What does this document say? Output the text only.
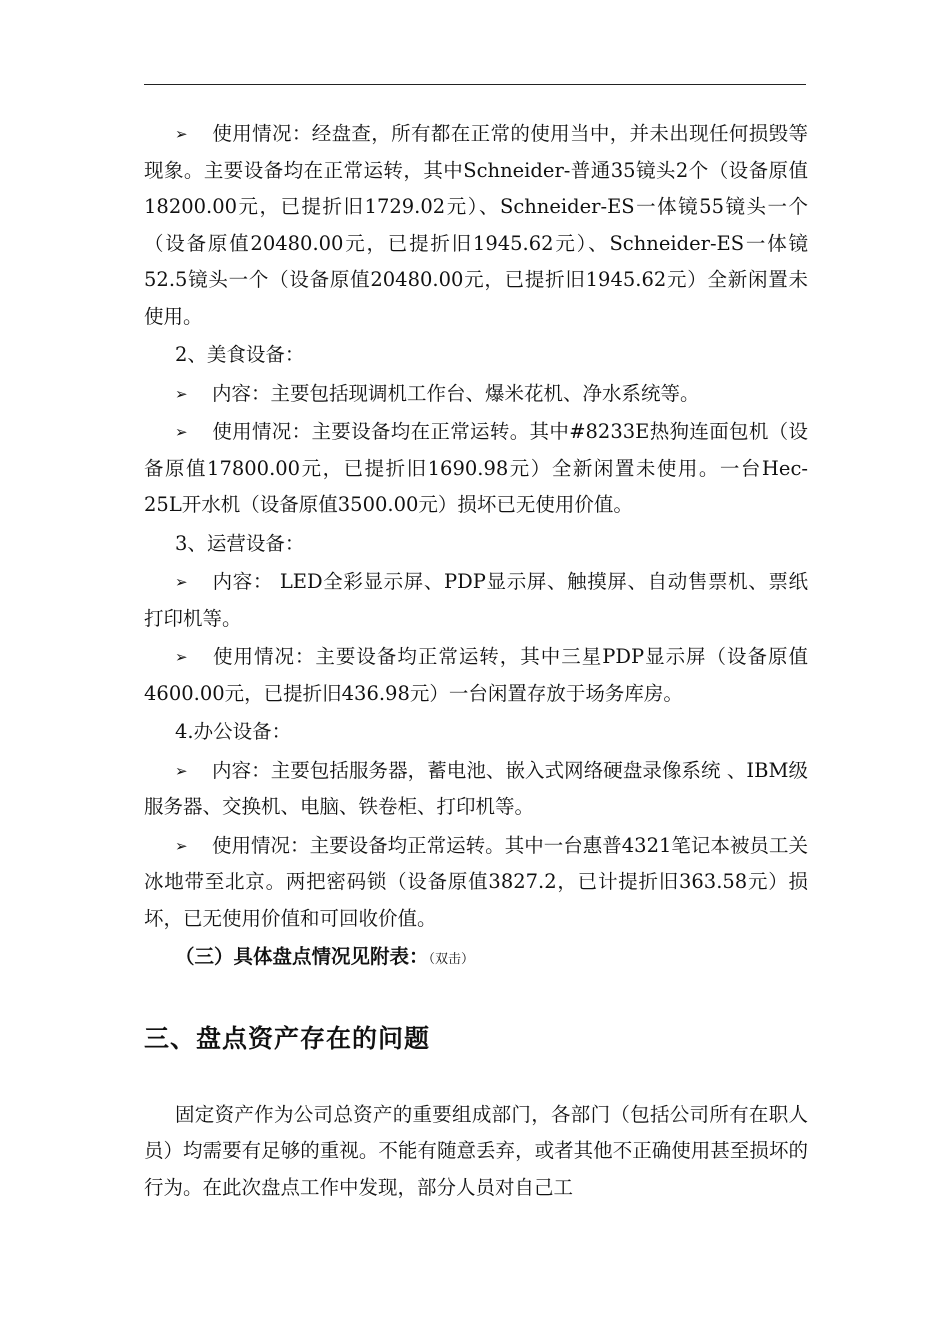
➢ 使用情况：经盘查，所有都在正常的使用当中，并未出现任何损毁等现象。主要设备均在正常运转，其中Schneider-普通35镜头2个（设备原值18200.00元，已提折旧1729.02元）、Schneider-ES一体镜55镜头一个（设备原值20480.00元，已提折旧1945.62元）、Schneider-ES一体镜52.5镜头一个（设备原值20480.00元，已提折旧1945.62元）全新闲置未使用。

2、美食设备：

➢ 内容：主要包括现调机工作台、爆米花机、净水系统等。

➢ 使用情况：主要设备均在正常运转。其中#8233E热狗连面包机（设备原值17800.00元，已提折旧1690.98元）全新闲置未使用。一台Hec-25L开水机（设备原值3500.00元）损坏已无使用价值。

3、运营设备：

➢ 内容： LED全彩显示屏、PDP显示屏、触摸屏、自动售票机、票纸打印机等。

➢ 使用情况：主要设备均正常运转，其中三星PDP显示屏（设备原值4600.00元，已提折旧436.98元）一台闲置存放于场务库房。

4.办公设备：

➢ 内容：主要包括服务器，蓄电池、嵌入式网络硬盘录像系统 、IBM级服务器、交换机、电脑、铁卷柜、打印机等。

➢ 使用情况：主要设备均正常运转。其中一台惠普4321笔记本被员工关冰地带至北京。两把密码锁（设备原值3827.2，已计提折旧363.58元）损坏，已无使用价值和可回收价值。

（三）具体盘点情况见附表：（双击）

三、盘点资产存在的问题

固定资产作为公司总资产的重要组成部门，各部门（包括公司所有在职人员）均需要有足够的重视。不能有随意丢弃，或者其他不正确使用甚至损坏的行为。在此次盘点工作中发现，部分人员对自己工
